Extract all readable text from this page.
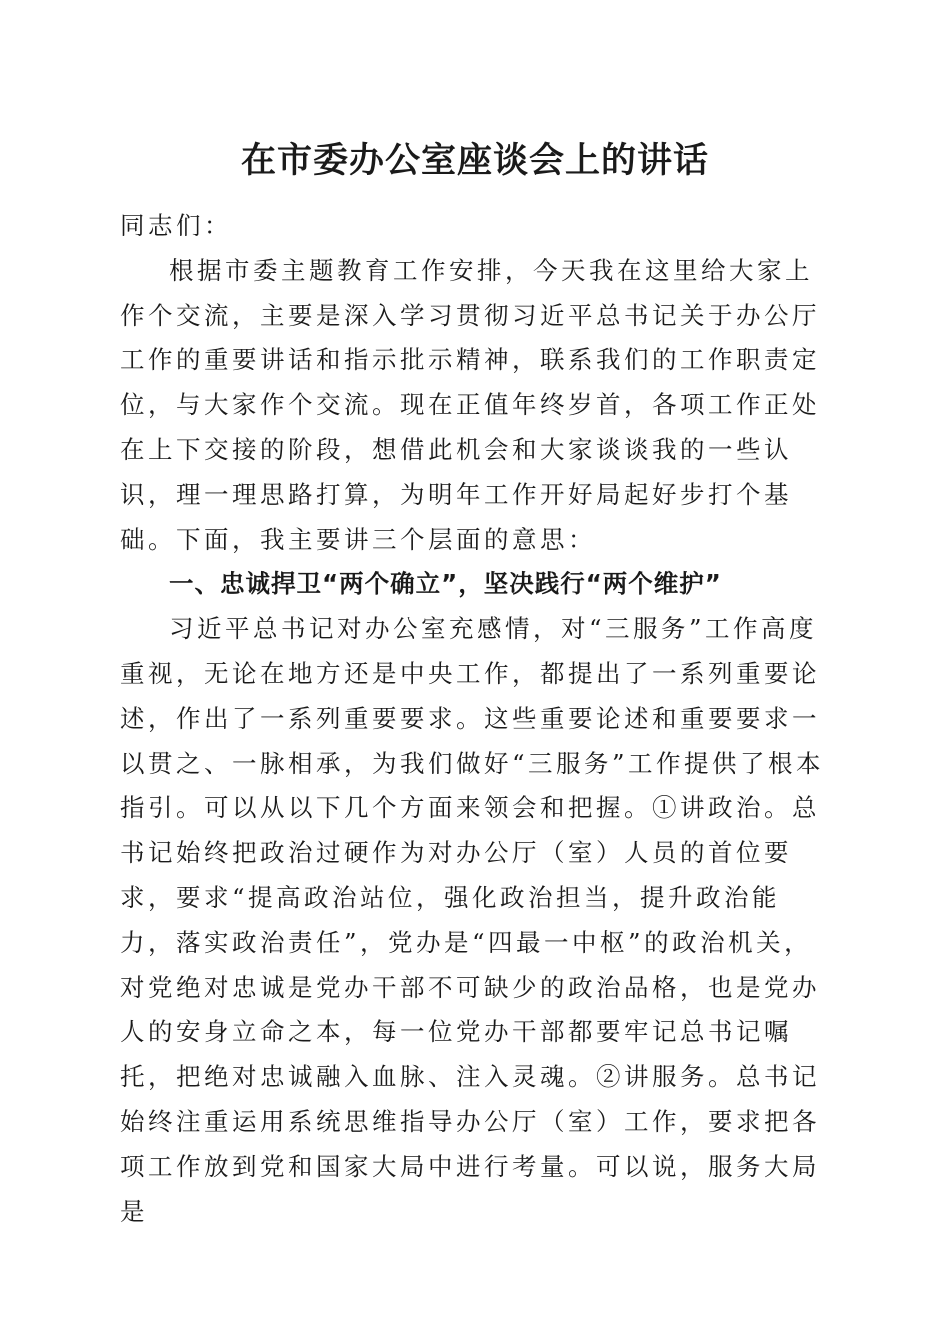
在市委办公室座谈会上的讲话

同志们：

根据市委主题教育工作安排，今天我在这里给大家上作个交流，主要是深入学习贯彻习近平总书记关于办公厅工作的重要讲话和指示批示精神，联系我们的工作职责定位，与大家作个交流。现在正值年终岁首，各项工作正处在上下交接的阶段，想借此机会和大家谈谈我的一些认识，理一理思路打算，为明年工作开好局起好步打个基础。下面，我主要讲三个层面的意思：

一、忠诚捍卫“两个确立”，坚决践行“两个维护”

习近平总书记对办公室充感情，对“三服务”工作高度重视，无论在地方还是中央工作，都提出了一系列重要论述，作出了一系列重要要求。这些重要论述和重要要求一以贯之、一脉相承，为我们做好“三服务”工作提供了根本指引。可以从以下几个方面来领会和把握。①讲政治。总书记始终把政治过硬作为对办公厅（室）人员的首位要求，要求“提高政治站位，强化政治担当，提升政治能力，落实政治责任”，党办是“四最一中枢”的政治机关，对党绝对忠诚是党办干部不可缺少的政治品格，也是党办人的安身立命之本，每一位党办干部都要牢记总书记嘱托，把绝对忠诚融入血脉、注入灵魂。②讲服务。总书记始终注重运用系统思维指导办公厅（室）工作，要求把各项工作放到党和国家大局中进行考量。可以说，服务大局是
